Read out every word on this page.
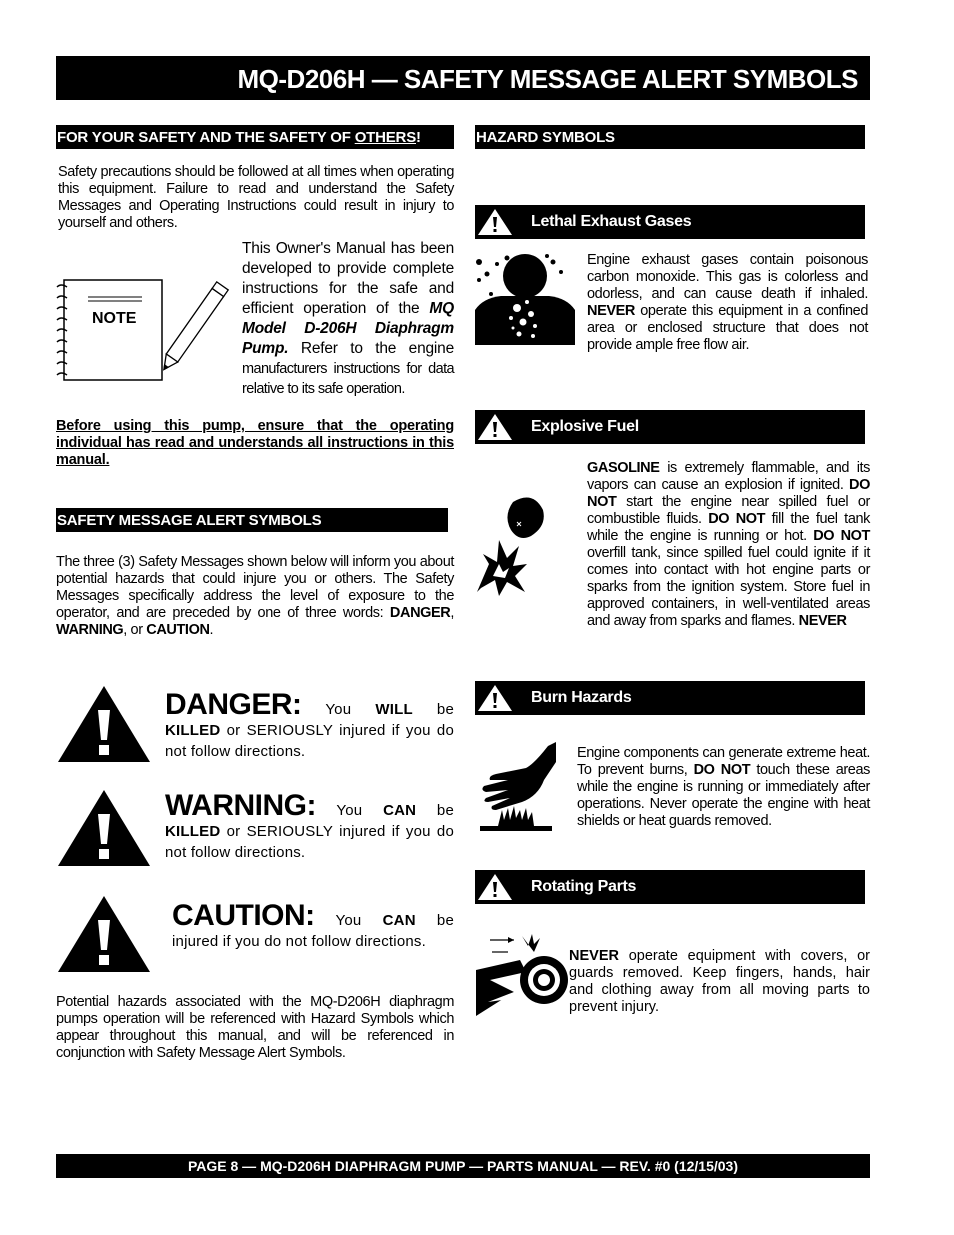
MQ-D206H — SAFETY MESSAGE ALERT SYMBOLS
FOR YOUR SAFETY AND THE SAFETY OF OTHERS!
Safety precautions should be followed at all times when operating this equipment. Failure to read and understand the Safety Messages and Operating Instructions could result in injury to yourself and others.
NOTE
This Owner's Manual has been developed to provide complete instructions for the safe and efficient operation of the MQ Model D-206H Diaphragm Pump. Refer to the engine manufacturers instructions for data relative to its safe operation.
Before using this pump, ensure that the operating individual has read and understands all instructions in this manual.
SAFETY MESSAGE ALERT SYMBOLS
The three (3) Safety Messages shown below will inform you about potential hazards that could injure you or others. The Safety Messages specifically address the level of exposure to the operator, and are preceded by one of three words: DANGER, WARNING, or CAUTION.
DANGER: You WILL be KILLED or SERIOUSLY injured if you do not follow directions.
WARNING: You CAN be KILLED or SERIOUSLY injured if you do not follow directions.
CAUTION: You CAN be injured if you do not follow directions.
Potential hazards associated with the MQ-D206H diaphragm pumps operation will be referenced with Hazard Symbols which appear throughout this manual, and will be referenced in conjunction with Safety Message Alert Symbols.
HAZARD SYMBOLS
Lethal Exhaust Gases
Engine exhaust gases contain poisonous carbon monoxide. This gas is colorless and odorless, and can cause death if inhaled. NEVER operate this equipment in a confined area or enclosed structure that does not provide ample free flow air.
Explosive Fuel
GASOLINE is extremely flammable, and its vapors can cause an explosion if ignited. DO NOT start the engine near spilled fuel or combustible fluids. DO NOT fill the fuel tank while the engine is running or hot. DO NOT overfill tank, since spilled fuel could ignite if it comes into contact with hot engine parts or sparks from the ignition system. Store fuel in approved containers, in well-ventilated areas and away from sparks and flames. NEVER
Burn Hazards
Engine components can generate extreme heat. To prevent burns, DO NOT touch these areas while the engine is running or immediately after operations. Never operate the engine with heat shields or heat guards removed.
Rotating Parts
NEVER operate equipment with covers, or guards removed. Keep fingers, hands, hair and clothing away from all moving parts to prevent injury.
PAGE 8 — MQ-D206H DIAPHRAGM PUMP — PARTS MANUAL — REV. #0 (12/15/03)
